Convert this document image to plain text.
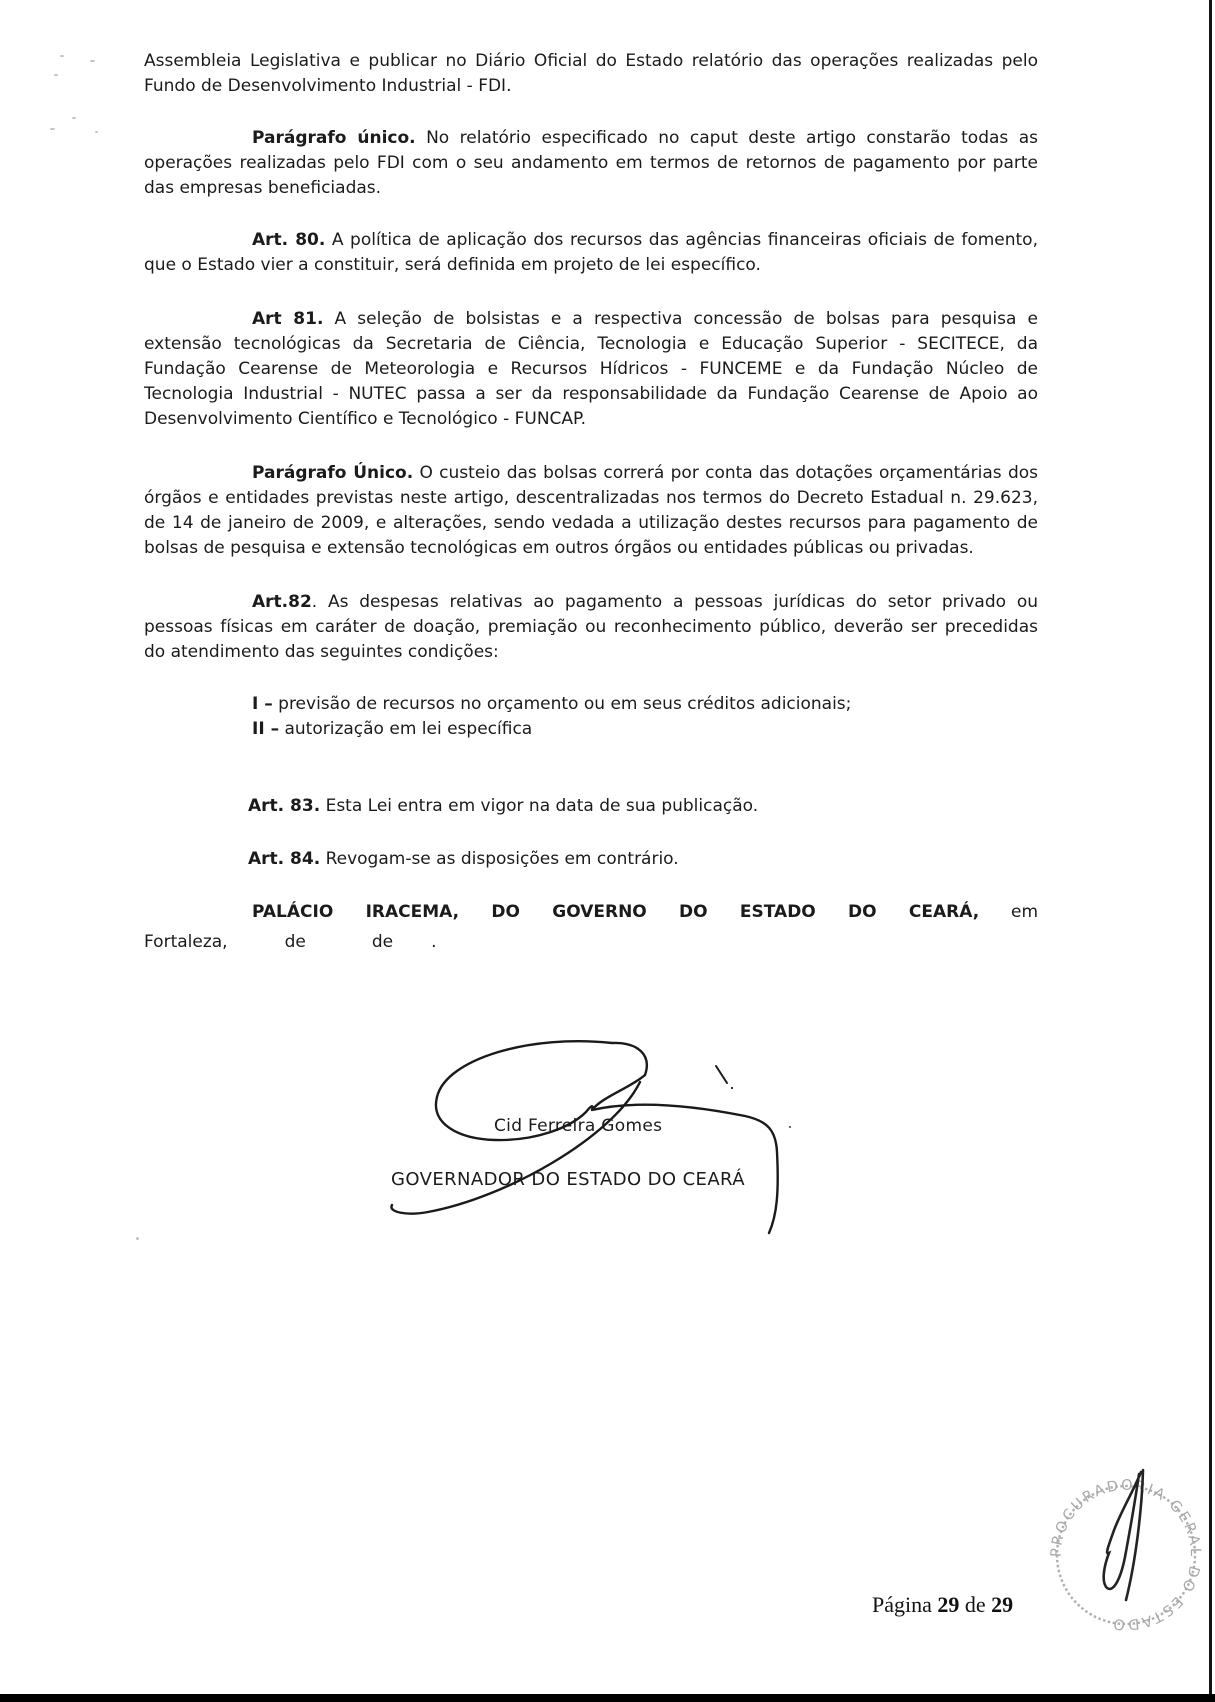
Assembleia Legislativa e publicar no Diário Oficial do Estado relatório das operações realizadas pelo Fundo de Desenvolvimento Industrial - FDI.
Parágrafo único. No relatório especificado no caput deste artigo constarão todas as operações realizadas pelo FDI com o seu andamento em termos de retornos de pagamento por parte das empresas beneficiadas.
Art. 80. A política de aplicação dos recursos das agências financeiras oficiais de fomento, que o Estado vier a constituir, será definida em projeto de lei específico.
Art 81. A seleção de bolsistas e a respectiva concessão de bolsas para pesquisa e extensão tecnológicas da Secretaria de Ciência, Tecnologia e Educação Superior - SECITECE, da Fundação Cearense de Meteorologia e Recursos Hídricos - FUNCEME e da Fundação Núcleo de Tecnologia Industrial - NUTEC passa a ser da responsabilidade da Fundação Cearense de Apoio ao Desenvolvimento Científico e Tecnológico - FUNCAP.
Parágrafo Único. O custeio das bolsas correrá por conta das dotações orçamentárias dos órgãos e entidades previstas neste artigo, descentralizadas nos termos do Decreto Estadual n. 29.623, de 14 de janeiro de 2009, e alterações, sendo vedada a utilização destes recursos para pagamento de bolsas de pesquisa e extensão tecnológicas em outros órgãos ou entidades públicas ou privadas.
Art.82. As despesas relativas ao pagamento a pessoas jurídicas do setor privado ou pessoas físicas em caráter de doação, premiação ou reconhecimento público, deverão ser precedidas do atendimento das seguintes condições:
I – previsão de recursos no orçamento ou em seus créditos adicionais;
II – autorização em lei específica
Art. 83. Esta Lei entra em vigor na data de sua publicação.
Art. 84. Revogam-se as disposições em contrário.
PALÁCIO IRACEMA, DO GOVERNO DO ESTADO DO CEARÁ, em
Fortaleza,	de	de .
Cid Ferreira Gomes
GOVERNADOR DO ESTADO DO CEARÁ
PROCURADORIA GERAL DO ESTADO
Página 29 de 29
